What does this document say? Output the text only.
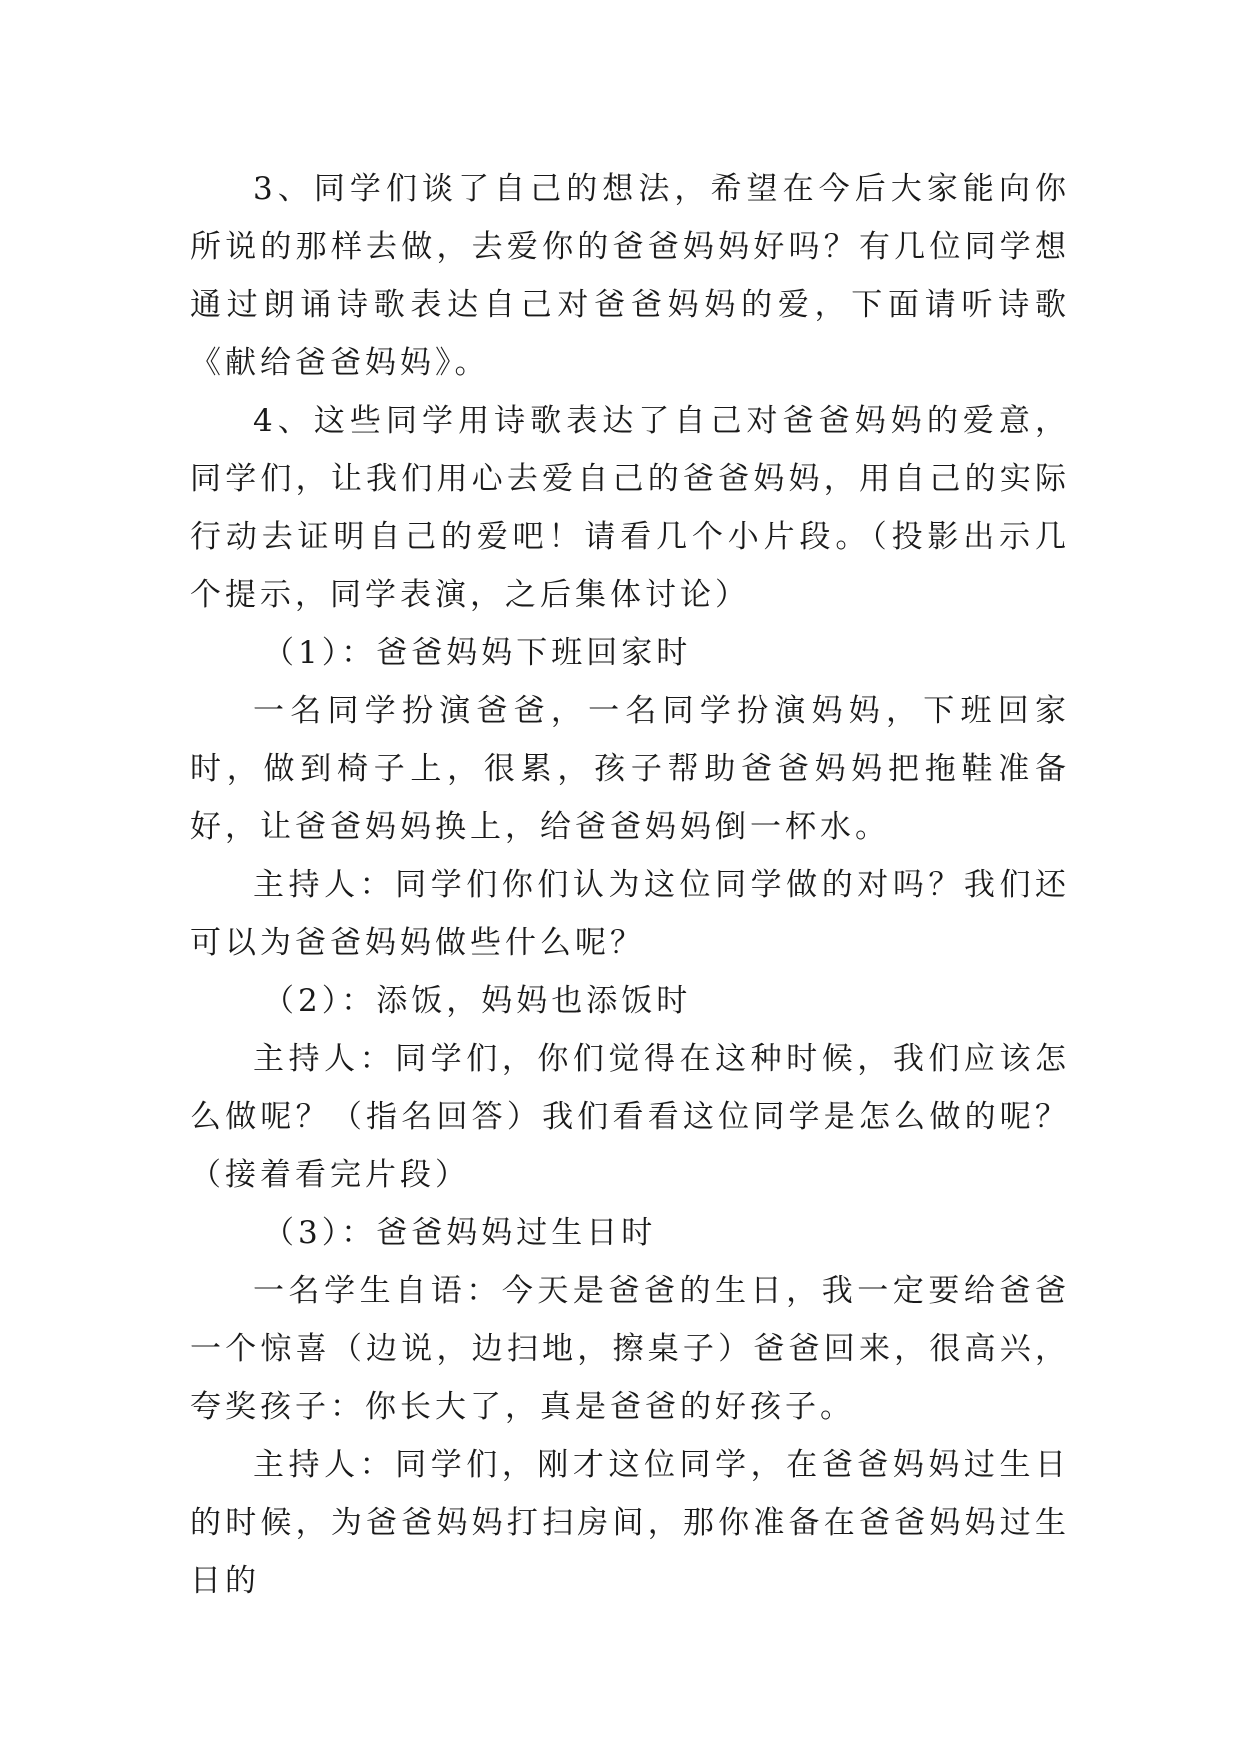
3、同学们谈了自己的想法，希望在今后大家能向你所说的那样去做，去爱你的爸爸妈妈好吗？有几位同学想通过朗诵诗歌表达自己对爸爸妈妈的爱，下面请听诗歌《献给爸爸妈妈》。

4、这些同学用诗歌表达了自己对爸爸妈妈的爱意，同学们，让我们用心去爱自己的爸爸妈妈，用自己的实际行动去证明自己的爱吧！请看几个小片段。（投影出示几个提示，同学表演，之后集体讨论）

（1）：爸爸妈妈下班回家时

一名同学扮演爸爸，一名同学扮演妈妈，下班回家时，做到椅子上，很累，孩子帮助爸爸妈妈把拖鞋准备好，让爸爸妈妈换上，给爸爸妈妈倒一杯水。

主持人：同学们你们认为这位同学做的对吗？我们还可以为爸爸妈妈做些什么呢？

（2）：添饭，妈妈也添饭时

主持人：同学们，你们觉得在这种时候，我们应该怎么做呢？（指名回答）我们看看这位同学是怎么做的呢？（接着看完片段）

（3）：爸爸妈妈过生日时

一名学生自语：今天是爸爸的生日，我一定要给爸爸一个惊喜（边说，边扫地，擦桌子）爸爸回来，很高兴，夸奖孩子：你长大了，真是爸爸的好孩子。

主持人：同学们，刚才这位同学，在爸爸妈妈过生日的时候，为爸爸妈妈打扫房间，那你准备在爸爸妈妈过生日的
